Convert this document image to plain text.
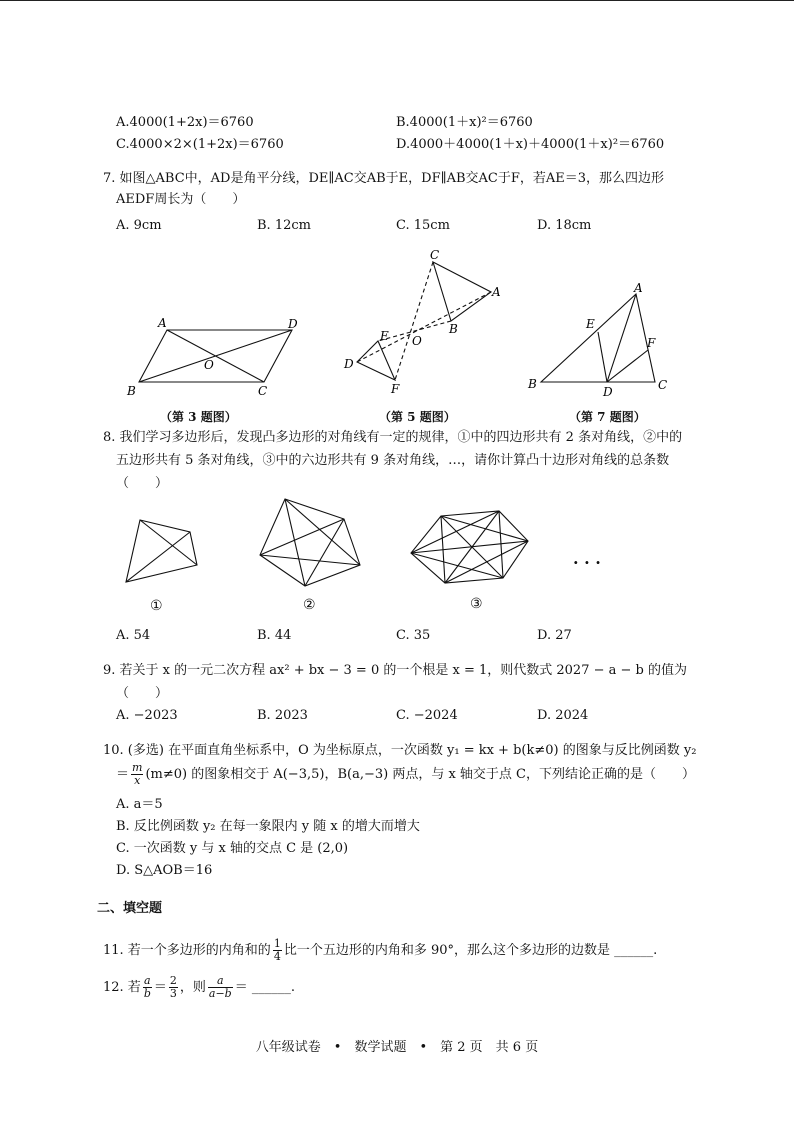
A.4000(1+2x)＝6760	B.4000(1＋x)²＝6760
C.4000×2×(1+2x)＝6760	D.4000＋4000(1＋x)＋4000(1＋x)²＝6760
7. 如图△ABC中，AD是角平分线，DE∥AC交AB于E，DF∥AB交AC于F，若AE＝3，那么四边形
AEDF周长为（　　）
A. 9cm	B. 12cm	C. 15cm	D. 18cm
A	D
O
B	C
C
A
E O
B
D
F
A
E
F
B
D	C
（第 3 题图）	（第 5 题图）	（第 7 题图）
8. 我们学习多边形后，发现凸多边形的对角线有一定的规律，①中的四边形共有 2 条对角线，②中的
五边形共有 5 条对角线，③中的六边形共有 9 条对角线，…，请你计算凸十边形对角线的总条数
（　　）
· · ·
①	②	③
A. 54	B. 44	C. 35	D. 27
9. 若关于 x 的一元二次方程 ax² + bx − 3 = 0 的一个根是 x = 1，则代数式 2027 − a − b 的值为
（　　）
A. −2023	B. 2023	C. −2024	D. 2024
10. (多选) 在平面直角坐标系中，O 为坐标原点，一次函数 y₁ = kx + b(k≠0) 的图象与反比例函数 y₂
＝ $\frac{m}{x} (m\ne 0)$ 的图象相交于 A(−3,5)，B(a,−3) 两点，与 x 轴交于点 C，下列结论正确的是（　　）
A. a＝5
B. 反比例函数 y₂ 在每一象限内 y 随 x 的增大而增大
C. 一次函数 y 与 x 轴的交点 C 是 (2,0)
D. S△AOB＝16
二、填空题
11. 若一个多边形的内角和的 $\frac{1}{4}$ 比一个五边形的内角和多 90°，那么这个多边形的边数是 ______.
12. 若 $\frac{a}{b} = \frac{2}{3}$ ，则 $\frac{a}{a-b}$ ＝ ______.
八年级试卷　•　数学试题　•　第 2 页　共 6 页
